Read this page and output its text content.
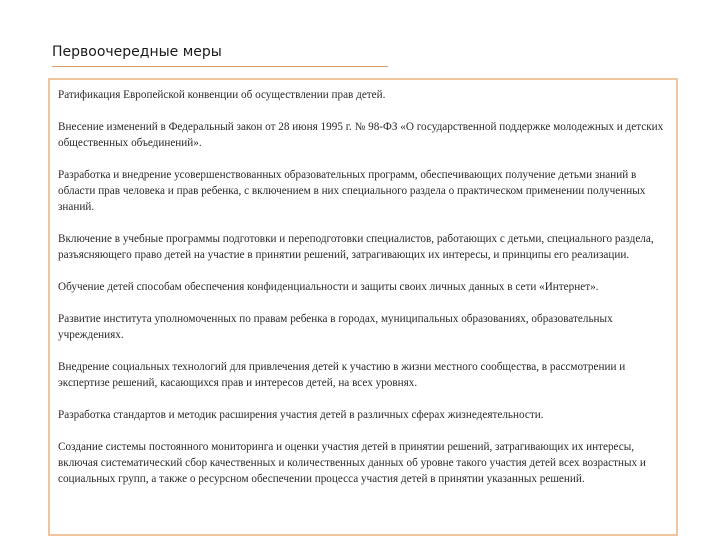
Первоочередные меры

Ратификация Европейской конвенции об осуществлении прав детей.

Внесение изменений в Федеральный закон от 28 июня 1995 г. № 98-ФЗ «О государственной поддержке молодежных и детских общественных объединений».

Разработка и внедрение усовершенствованных образовательных программ, обеспечивающих получение детьми знаний в области прав человека и прав ребенка, с включением в них специального раздела о практическом применении полученных знаний.

Включение в учебные программы подготовки и переподготовки специалистов, работающих с детьми, специального раздела, разъясняющего право детей на участие в принятии решений, затрагивающих их интересы, и принципы его реализации.

Обучение детей способам обеспечения конфиденциальности и защиты своих личных данных в сети «Интернет».

Развитие института уполномоченных по правам ребенка в городах, муниципальных образованиях, образовательных учреждениях.

Внедрение социальных технологий для привлечения детей к участию в жизни местного сообщества, в рассмотрении и экспертизе решений, касающихся прав и интересов детей, на всех уровнях.

Разработка стандартов и методик расширения участия детей в различных сферах жизнедеятельности.

Создание системы постоянного мониторинга и оценки участия детей в принятии решений, затрагивающих их интересы, включая систематический сбор качественных и количественных данных об уровне такого участия детей всех возрастных и социальных групп, а также о ресурсном обеспечении процесса участия детей в принятии указанных решений.
